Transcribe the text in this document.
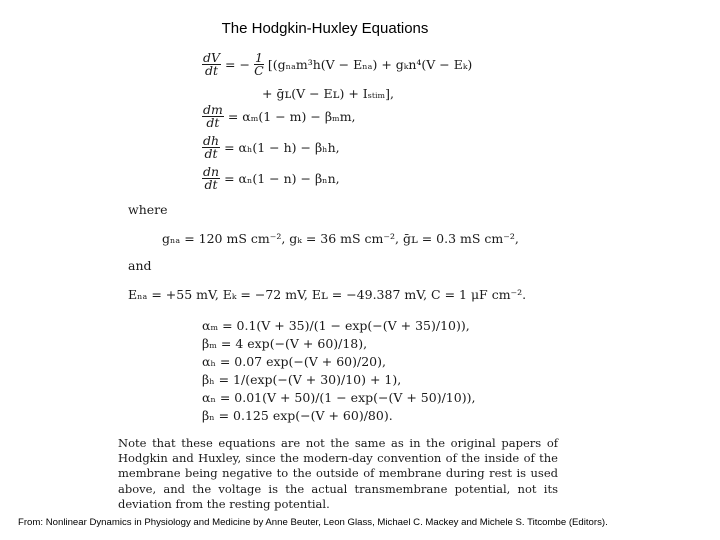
The Hodgkin-Huxley Equations
$\frac{dV}{dt}$ = − $\frac{1}{C} [(g_{na}m^3h(V - E_{na}) + g_kn^4(V - E_k)$
+ ḡʟ(V − Eʟ) + Iₛₜᵢₘ],
$\frac{dm}{dt} = \alpha_m(1 - m) - \beta_mm$,
$\frac{dh}{dt} = \alpha_h(1 - h) - \beta_hh$,
$\frac{dn}{dt} = \alpha_n(1 - n) - \beta_nn$,
where
gₙₐ = 120 mS cm⁻², gₖ = 36 mS cm⁻², ḡʟ = 0.3 mS cm⁻²,
and
Eₙₐ = +55 mV, Eₖ = −72 mV, Eʟ = −49.387 mV, C = 1 μF cm⁻².
αₘ = 0.1(V + 35)/(1 − exp(−(V + 35)/10)),
βₘ = 4 exp(−(V + 60)/18),
αₕ = 0.07 exp(−(V + 60)/20),
βₕ = 1/(exp(−(V + 30)/10) + 1),
αₙ = 0.01(V + 50)/(1 − exp(−(V + 50)/10)),
βₙ = 0.125 exp(−(V + 60)/80).
Note that these equations are not the same as in the original papers of Hodgkin and Huxley, since the modern-day convention of the inside of the membrane being negative to the outside of membrane during rest is used above, and the voltage is the actual transmembrane potential, not its deviation from the resting potential.
From: Nonlinear Dynamics in Physiology and Medicine by Anne Beuter, Leon Glass, Michael C. Mackey and Michele S. Titcombe (Editors).
